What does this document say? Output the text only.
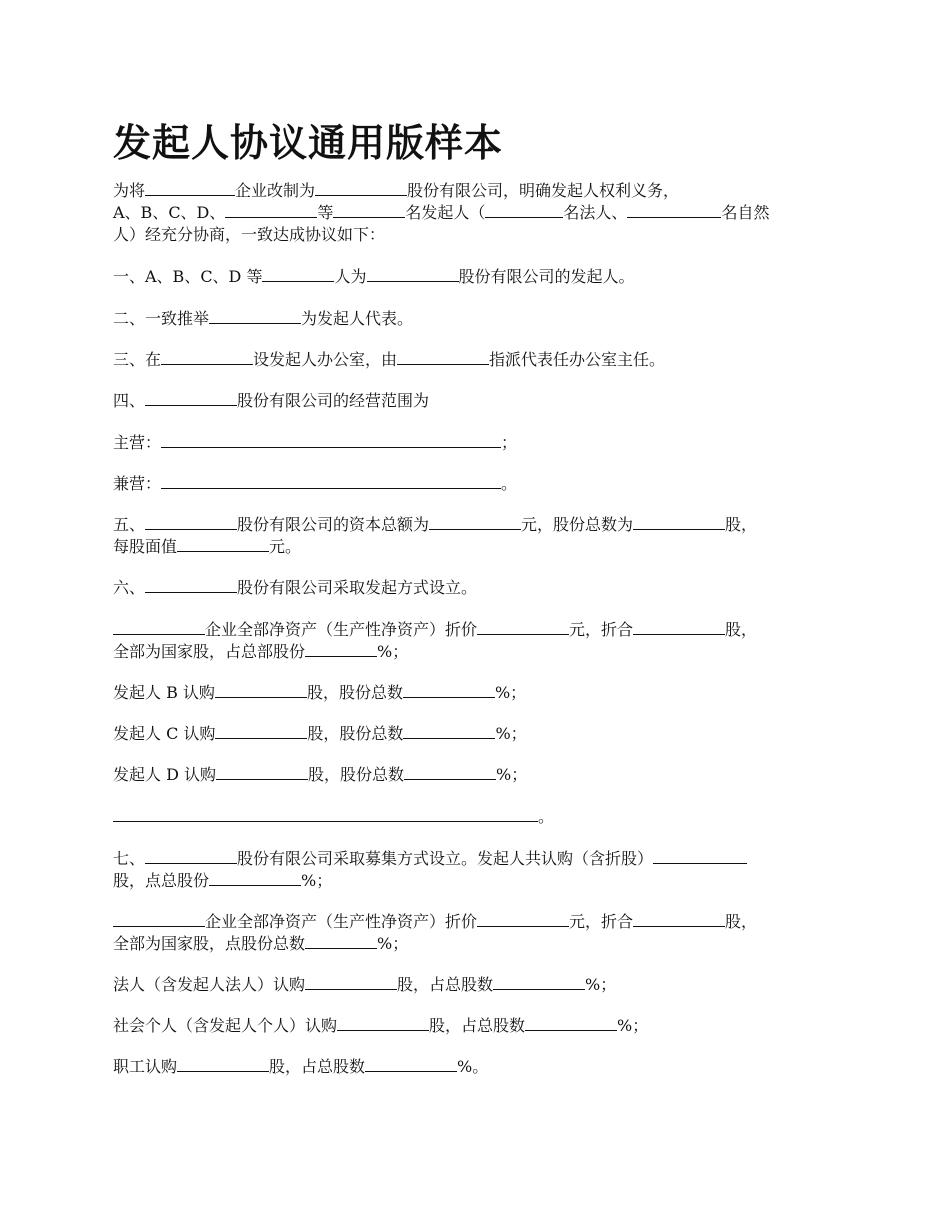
发起人协议通用版样本
为将	企业改制为	股份有限公司，明确发起人权利义务，
A、B、C、D、	等	名发起人（	名法人、	名自然
人）经充分协商，一致达成协议如下：
一、A、B、C、D 等	人为	股份有限公司的发起人。
二、一致推举	为发起人代表。
三、在	设发起人办公室，由	指派代表任办公室主任。
四、	股份有限公司的经营范围为
主营：	；
兼营：	。
五、	股份有限公司的资本总额为	元，股份总数为	股，
每股面值	元。
六、	股份有限公司采取发起方式设立。
企业全部净资产（生产性净资产）折价	元，折合	股，
全部为国家股，占总部股份	%；
发起人 B 认购	股，股份总数	%；
发起人 C 认购	股，股份总数	%；
发起人 D 认购	股，股份总数	%；
。
七、	股份有限公司采取募集方式设立。发起人共认购（含折股）
股，点总股份	%；
企业全部净资产（生产性净资产）折价	元，折合	股，
全部为国家股，点股份总数	%；
法人（含发起人法人）认购	股，占总股数	%；
社会个人（含发起人个人）认购	股，占总股数	%；
职工认购	股，占总股数	%。
